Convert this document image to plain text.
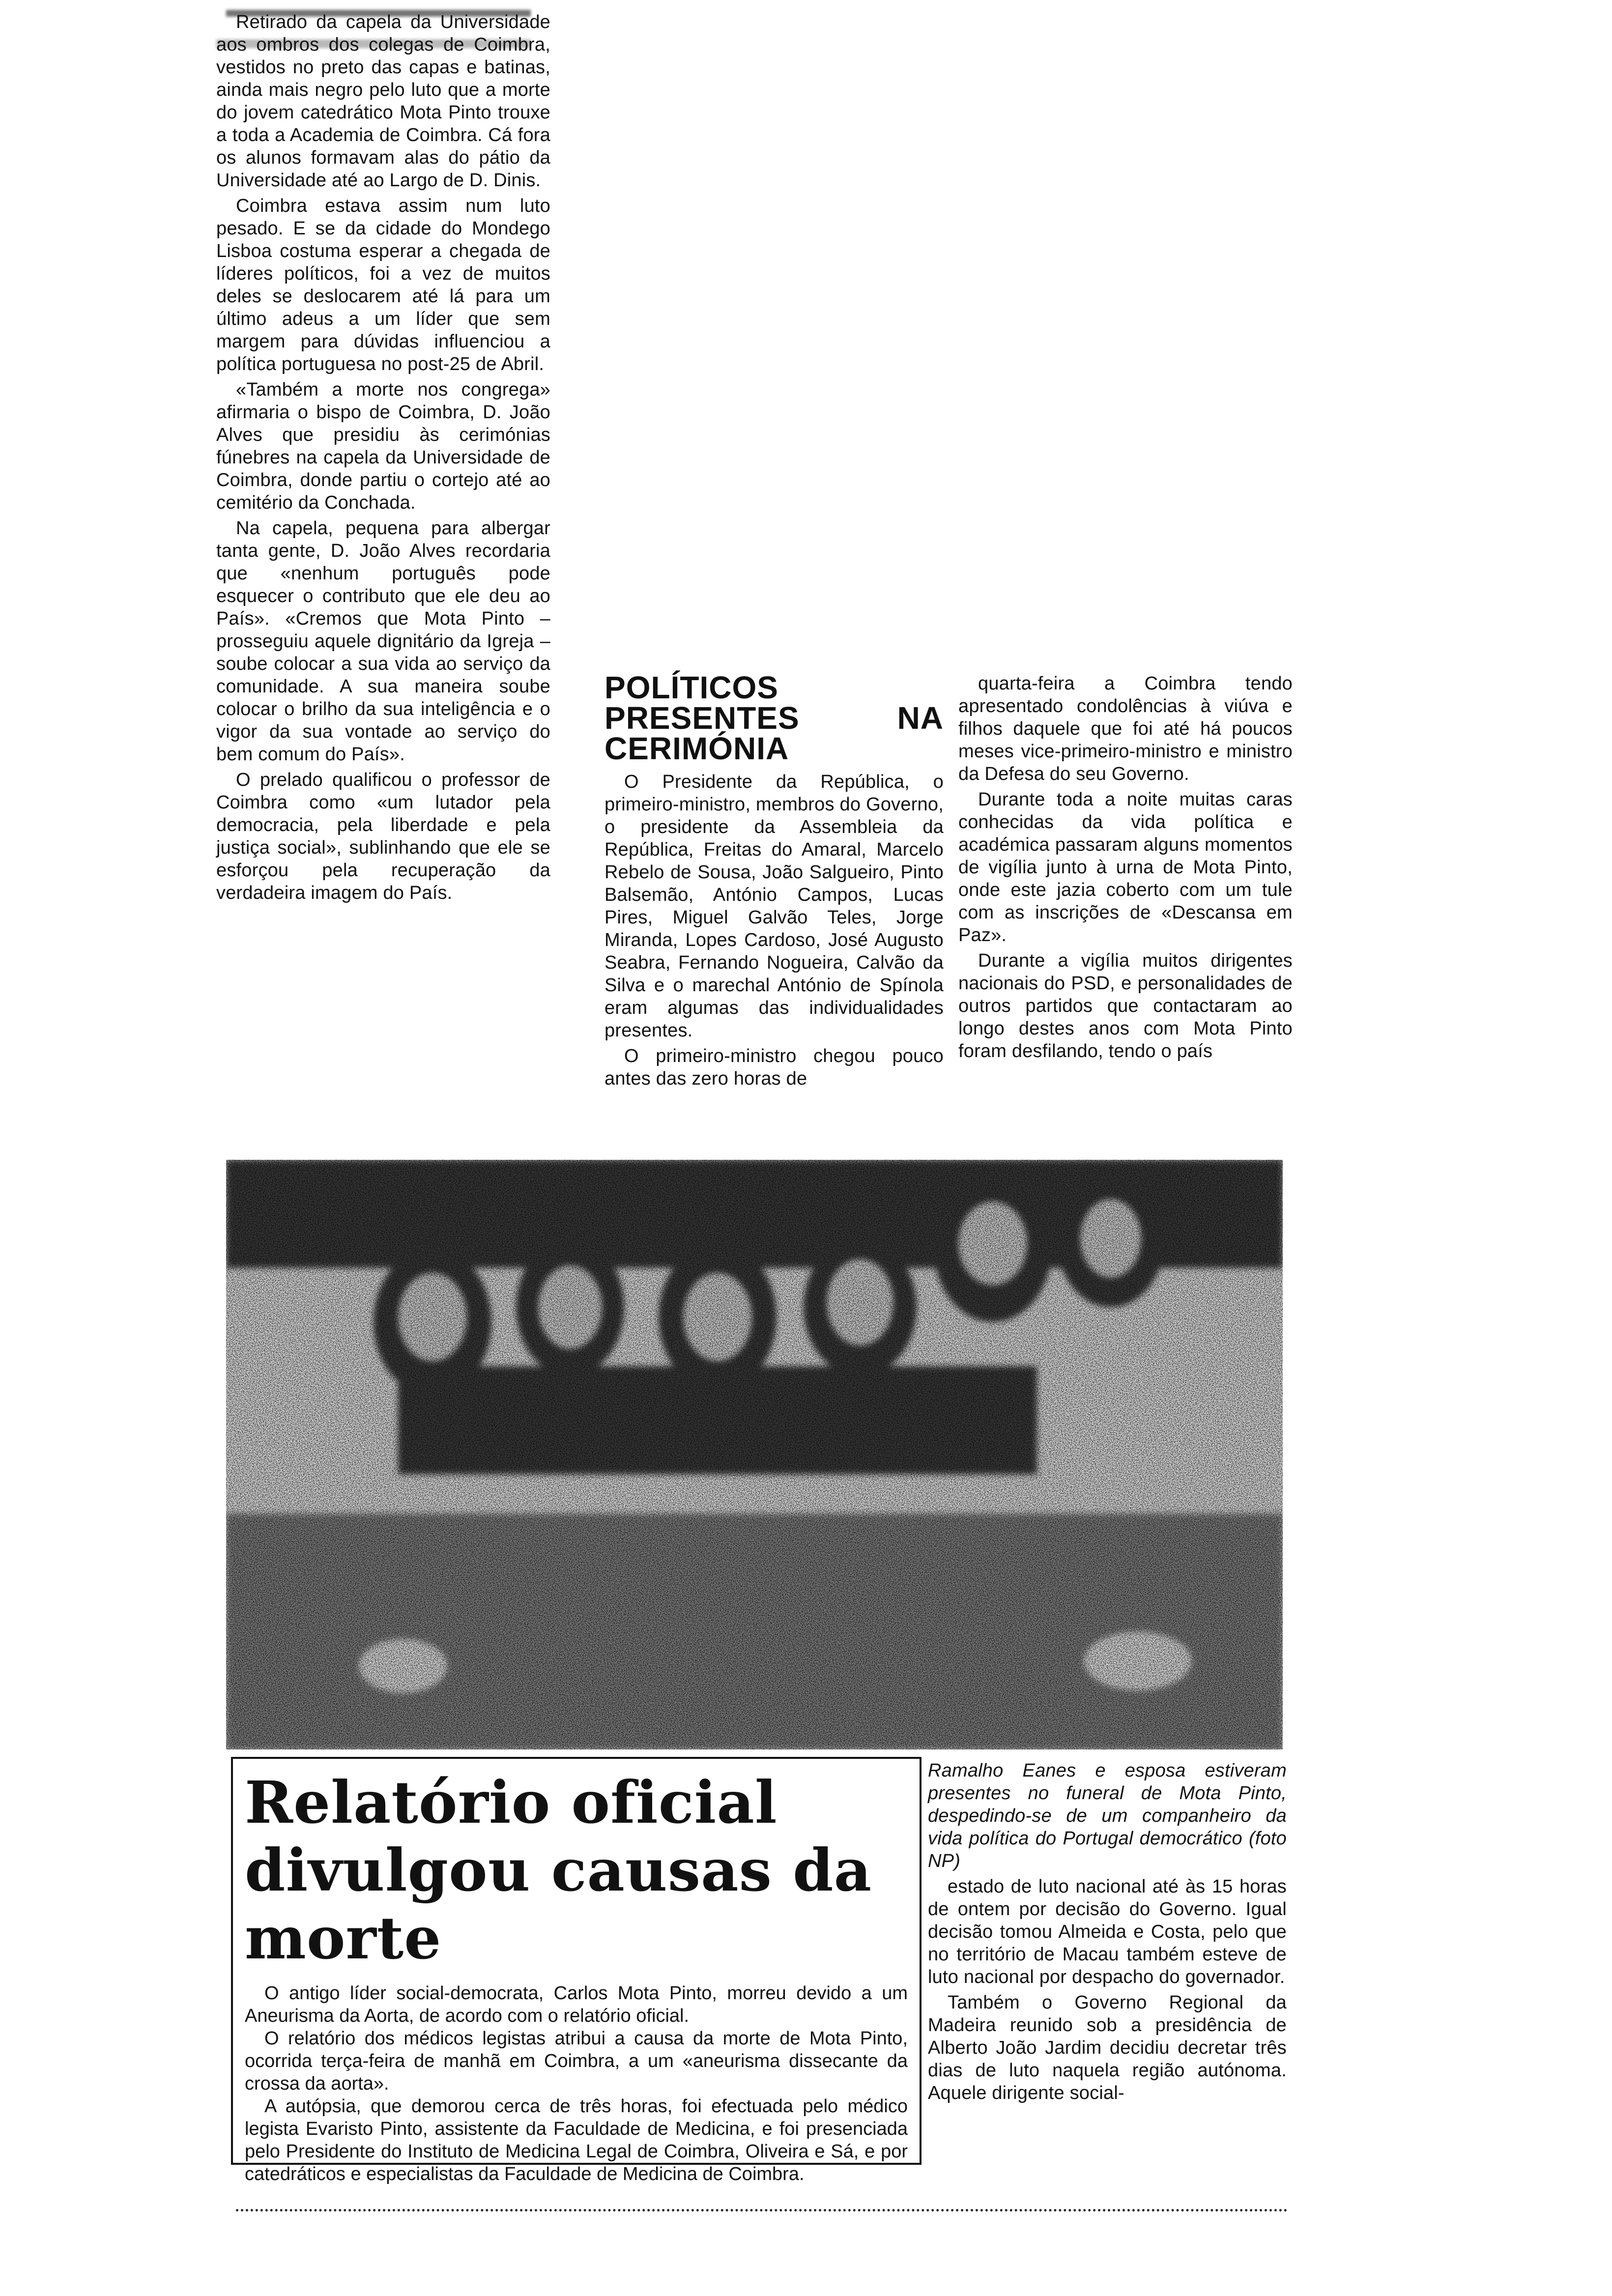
Retirado da capela da Universidade aos ombros dos colegas de Coimbra, vestidos no preto das capas e batinas, ainda mais negro pelo luto que a morte do jovem catedrático Mota Pinto trouxe a toda a Academia de Coimbra. Cá fora os alunos formavam alas do pátio da Universidade até ao Largo de D. Dinis.

Coimbra estava assim num luto pesado. E se da cidade do Mondego Lisboa costuma esperar a chegada de líderes políticos, foi a vez de muitos deles se deslocarem até lá para um último adeus a um líder que sem margem para dúvidas influenciou a política portuguesa no post-25 de Abril.

«Também a morte nos congrega» afirmaria o bispo de Coimbra, D. João Alves que presidiu às cerimónias fúnebres na capela da Universidade de Coimbra, donde partiu o cortejo até ao cemitério da Conchada.

Na capela, pequena para albergar tanta gente, D. João Alves recordaria que «nenhum português pode esquecer o contributo que ele deu ao País». «Cremos que Mota Pinto – prosseguiu aquele dignitário da Igreja – soube colocar a sua vida ao serviço da comunidade. A sua maneira soube colocar o brilho da sua inteligência e o vigor da sua vontade ao serviço do bem comum do País».

O prelado qualificou o professor de Coimbra como «um lutador pela democracia, pela liberdade e pela justiça social», sublinhando que ele se esforçou pela recuperação da verdadeira imagem do País.

POLÍTICOS PRESENTES NA CERIMÓNIA

O Presidente da República, o primeiro-ministro, membros do Governo, o presidente da Assembleia da República, Freitas do Amaral, Marcelo Rebelo de Sousa, João Salgueiro, Pinto Balsemão, António Campos, Lucas Pires, Miguel Galvão Teles, Jorge Miranda, Lopes Cardoso, José Augusto Seabra, Fernando Nogueira, Calvão da Silva e o marechal António de Spínola eram algumas das individualidades presentes.

O primeiro-ministro chegou pouco antes das zero horas de

quarta-feira a Coimbra tendo apresentado condolências à viúva e filhos daquele que foi até há poucos meses vice-primeiro-ministro e ministro da Defesa do seu Governo.

Durante toda a noite muitas caras conhecidas da vida política e académica passaram alguns momentos de vigília junto à urna de Mota Pinto, onde este jazia coberto com um tule com as inscrições de «Descansa em Paz».

Durante a vigília muitos dirigentes nacionais do PSD, e personalidades de outros partidos que contactaram ao longo destes anos com Mota Pinto foram desfilando, tendo o país

Relatório oficial
divulgou causas da morte

O antigo líder social-democrata, Carlos Mota Pinto, morreu devido a um Aneurisma da Aorta, de acordo com o relatório oficial.

O relatório dos médicos legistas atribui a causa da morte de Mota Pinto, ocorrida terça-feira de manhã em Coimbra, a um «aneurisma dissecante da crossa da aorta».

A autópsia, que demorou cerca de três horas, foi efectuada pelo médico legista Evaristo Pinto, assistente da Faculdade de Medicina, e foi presenciada pelo Presidente do Instituto de Medicina Legal de Coimbra, Oliveira e Sá, e por catedráticos e especialistas da Faculdade de Medicina de Coimbra.

Ramalho Eanes e esposa estiveram presentes no funeral de Mota Pinto, despedindo-se de um companheiro da vida política do Portugal democrático (foto NP)

estado de luto nacional até às 15 horas de ontem por decisão do Governo. Igual decisão tomou Almeida e Costa, pelo que no território de Macau também esteve de luto nacional por despacho do governador.

Também o Governo Regional da Madeira reunido sob a presidência de Alberto João Jardim decidiu decretar três dias de luto naquela região autónoma. Aquele dirigente social-
